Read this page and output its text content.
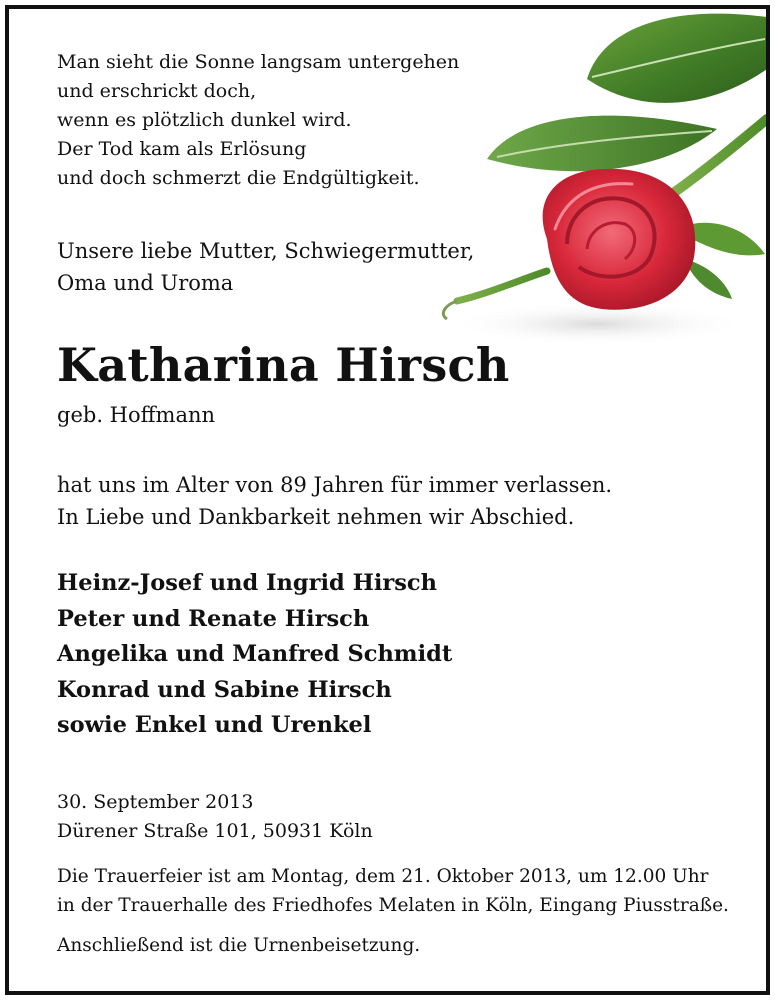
Man sieht die Sonne langsam untergehen
und erschrickt doch,
wenn es plötzlich dunkel wird.
Der Tod kam als Erlösung
und doch schmerzt die Endgültigkeit.

Unsere liebe Mutter, Schwiegermutter,
Oma und Uroma

Katharina Hirsch

geb. Hoffmann

hat uns im Alter von 89 Jahren für immer verlassen.
In Liebe und Dankbarkeit nehmen wir Abschied.

Heinz-Josef und Ingrid Hirsch
Peter und Renate Hirsch
Angelika und Manfred Schmidt
Konrad und Sabine Hirsch
sowie Enkel und Urenkel

30. September 2013
Dürener Straße 101, 50931 Köln

Die Trauerfeier ist am Montag, dem 21. Oktober 2013, um 12.00 Uhr
in der Trauerhalle des Friedhofes Melaten in Köln, Eingang Piusstraße.

Anschließend ist die Urnenbeisetzung.
